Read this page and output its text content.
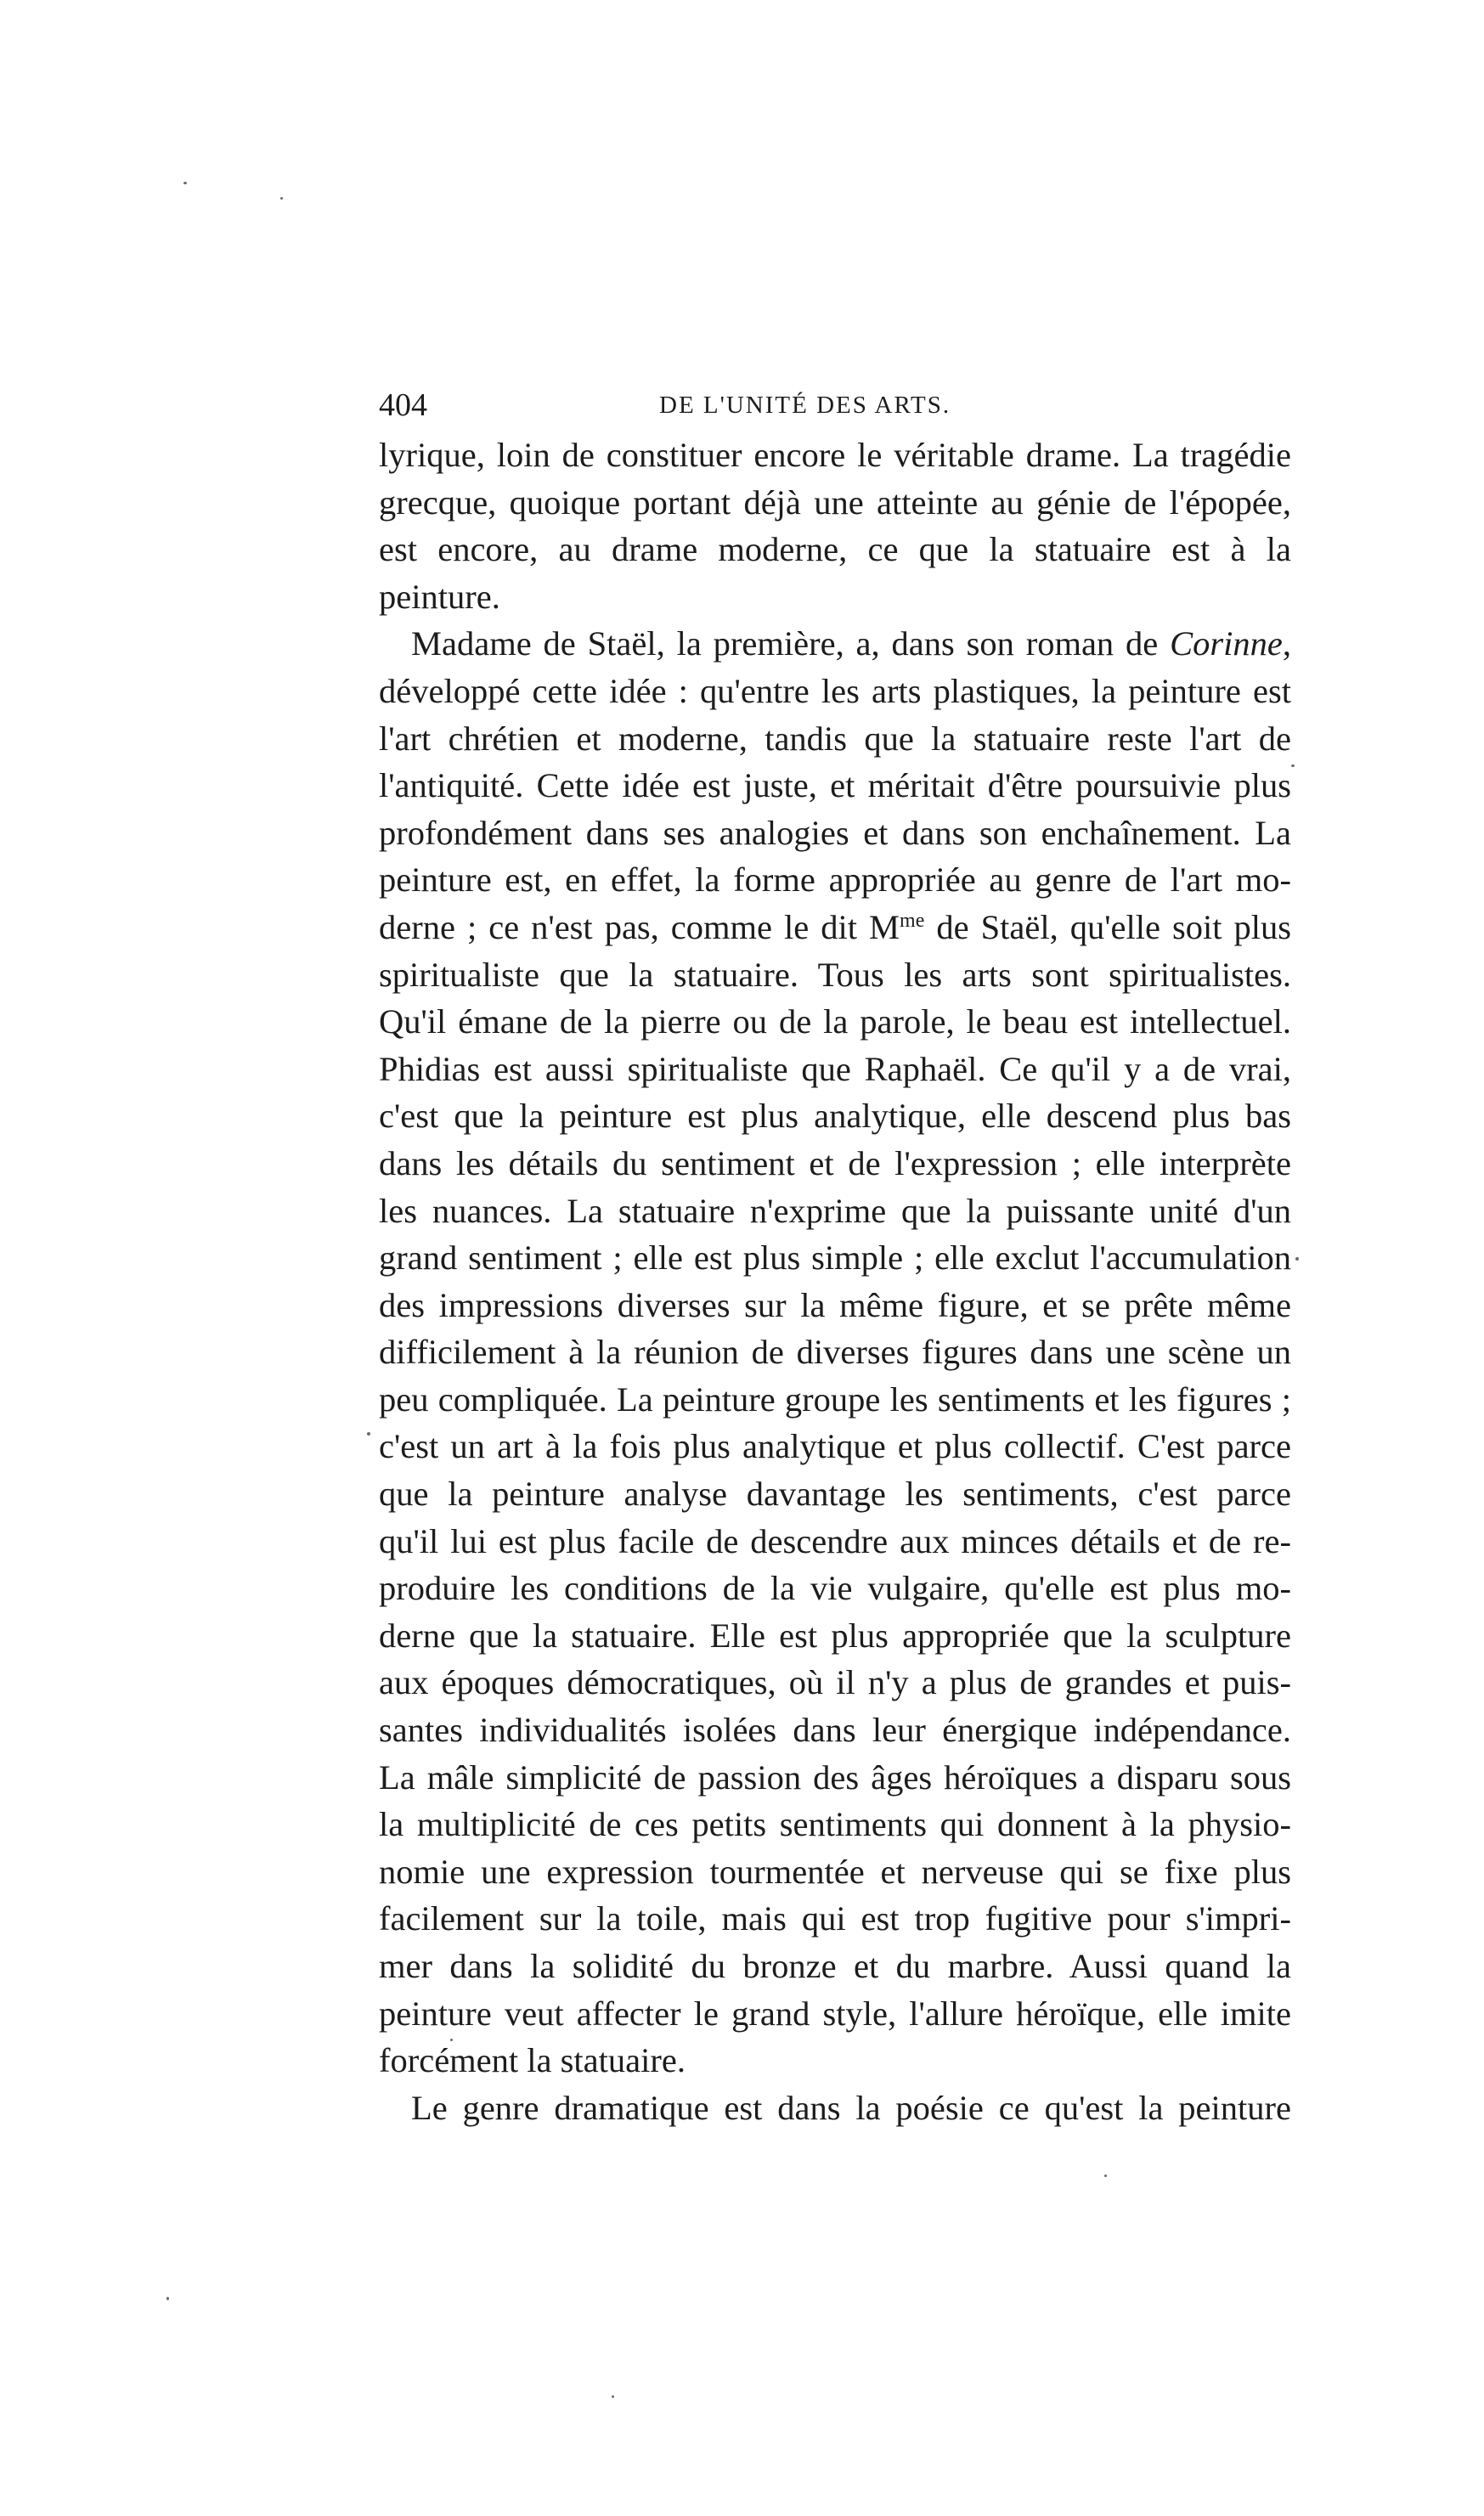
404	DE L'UNITÉ DES ARTS.
lyrique, loin de constituer encore le véritable drame. La tragédie
grecque, quoique portant déjà une atteinte au génie de l'épopée,
est encore, au drame moderne, ce que la statuaire est à la
peinture.
Madame de Staël, la première, a, dans son roman de Corinne,
développé cette idée : qu'entre les arts plastiques, la peinture est
l'art chrétien et moderne, tandis que la statuaire reste l'art de
l'antiquité. Cette idée est juste, et méritait d'être poursuivie plus
profondément dans ses analogies et dans son enchaînement. La
peinture est, en effet, la forme appropriée au genre de l'art mo-
derne ; ce n'est pas, comme le dit $M^{me}$ de Staël, qu'elle soit plus
spiritualiste que la statuaire. Tous les arts sont spiritualistes.
Qu'il émane de la pierre ou de la parole, le beau est intellectuel.
Phidias est aussi spiritualiste que Raphaël. Ce qu'il y a de vrai,
c'est que la peinture est plus analytique, elle descend plus bas
dans les détails du sentiment et de l'expression ; elle interprète
les nuances. La statuaire n'exprime que la puissante unité d'un
grand sentiment ; elle est plus simple ; elle exclut l'accumulation
des impressions diverses sur la même figure, et se prête même
difficilement à la réunion de diverses figures dans une scène un
peu compliquée. La peinture groupe les sentiments et les figures ;
c'est un art à la fois plus analytique et plus collectif. C'est parce
que la peinture analyse davantage les sentiments, c'est parce
qu'il lui est plus facile de descendre aux minces détails et de re-
produire les conditions de la vie vulgaire, qu'elle est plus mo-
derne que la statuaire. Elle est plus appropriée que la sculpture
aux époques démocratiques, où il n'y a plus de grandes et puis-
santes individualités isolées dans leur énergique indépendance.
La mâle simplicité de passion des âges héroïques a disparu sous
la multiplicité de ces petits sentiments qui donnent à la physio-
nomie une expression tourmentée et nerveuse qui se fixe plus
facilement sur la toile, mais qui est trop fugitive pour s'impri-
mer dans la solidité du bronze et du marbre. Aussi quand la
peinture veut affecter le grand style, l'allure héroïque, elle imite
forcément la statuaire.
Le genre dramatique est dans la poésie ce qu'est la peinture
